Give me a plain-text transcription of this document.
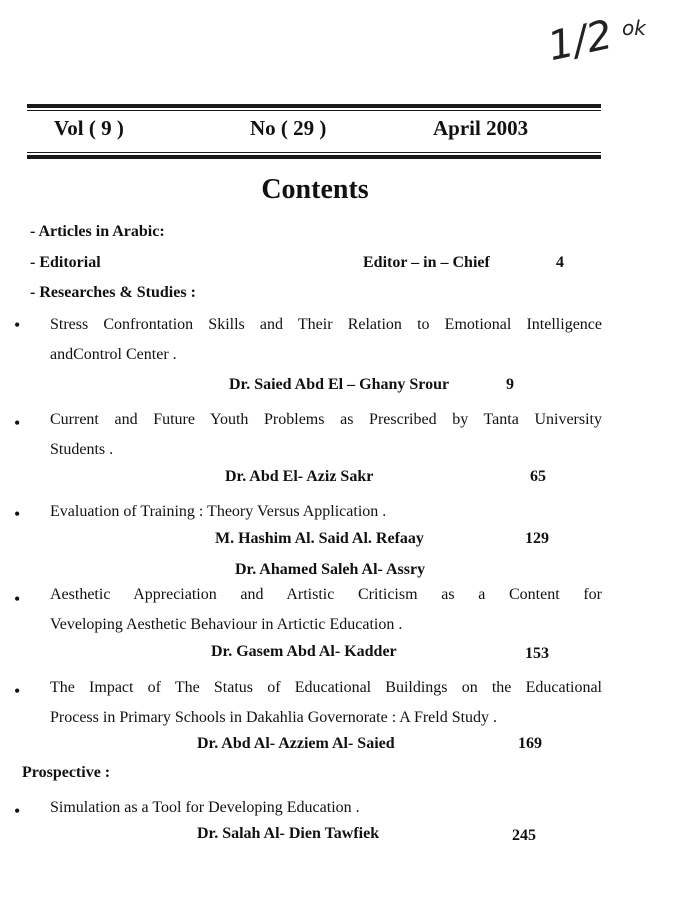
1/2 ok
Vol ( 9 )	No ( 29 )	April 2003
Contents
- Articles in Arabic:
- Editorial	Editor – in – Chief	4
- Researches & Studies :
• Stress Confrontation Skills and Their Relation to Emotional Intelligence
andControl Center .
Dr. Saied Abd El – Ghany Srour	9
• Current and Future Youth Problems as Prescribed by Tanta University
Students .
Dr. Abd El- Aziz Sakr	65
• Evaluation of Training : Theory Versus Application .
M. Hashim Al. Said Al. Refaay	129
Dr. Ahamed Saleh Al- Assry
• Aesthetic Appreciation and Artistic Criticism as a Content for
Veveloping Aesthetic Behaviour in Artictic Education .
Dr. Gasem Abd Al- Kadder	153
• The Impact of The Status of Educational Buildings on the Educational
Process in Primary Schools in Dakahlia Governorate : A Freld Study .
Dr. Abd Al- Azziem Al- Saied	169
Prospective :
• Simulation as a Tool for Developing Education .
Dr. Salah Al- Dien Tawfiek	245
